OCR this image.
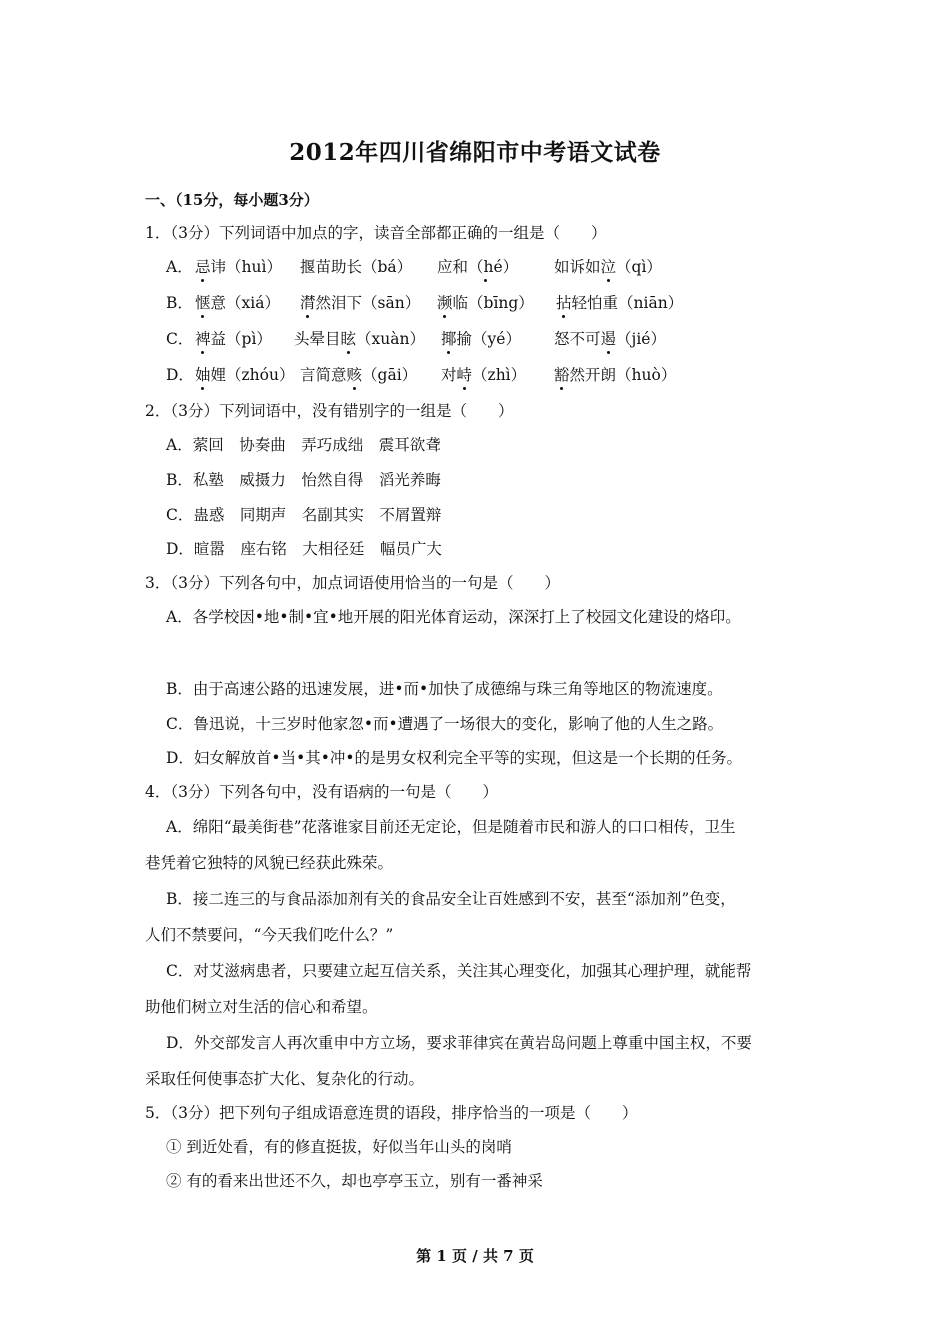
2012年四川省绵阳市中考语文试卷
一、（15分，每小题3分）
1．（3分）下列词语中加点的字，读音全部都正确的一组是（　　）
A． 忌讳（huì） 揠苗助长（bá） 应和（hé） 如诉如泣（qì）
B． 惬意（xiá） 潸然泪下（sān） 濒临（bīng） 拈轻怕重（niān）
C． 裨益（pì） 头晕目眩（xuàn） 揶揄（yé） 怒不可遏（jié）
D． 妯娌（zhóu） 言简意赅（gāi） 对峙（zhì） 豁然开朗（huò）
2．（3分）下列词语中，没有错别字的一组是（　　）
A．萦回　协奏曲　弄巧成绌　震耳欲聋
B．私塾　威摄力　怡然自得　滔光养晦
C．蛊惑　同期声　名副其实　不屑置辩
D．暄嚣　座右铭　大相径廷　幅员广大
3．（3分）下列各句中，加点词语使用恰当的一句是（　　）
A．各学校因•地•制•宜•地开展的阳光体育运动，深深打上了校园文化建设的烙印。
B．由于高速公路的迅速发展，进•而•加快了成德绵与珠三角等地区的物流速度。
C．鲁迅说，十三岁时他家忽•而•遭遇了一场很大的变化，影响了他的人生之路。
D．妇女解放首•当•其•冲•的是男女权利完全平等的实现，但这是一个长期的任务。
4．（3分）下列各句中，没有语病的一句是（　　）
A．绵阳“最美街巷”花落谁家目前还无定论，但是随着市民和游人的口口相传，卫生
巷凭着它独特的风貌已经获此殊荣。
B．接二连三的与食品添加剂有关的食品安全让百姓感到不安，甚至“添加剂”色变，
人们不禁要问，“今天我们吃什么？”
C．对艾滋病患者，只要建立起互信关系，关注其心理变化，加强其心理护理，就能帮
助他们树立对生活的信心和希望。
D．外交部发言人再次重申中方立场，要求菲律宾在黄岩岛问题上尊重中国主权，不要
采取任何使事态扩大化、复杂化的行动。
5．（3分）把下列句子组成语意连贯的语段，排序恰当的一项是（　　）
① 到近处看，有的修直挺拔，好似当年山头的岗哨
② 有的看来出世还不久，却也亭亭玉立，别有一番神采
第 1 页 / 共 7 页
